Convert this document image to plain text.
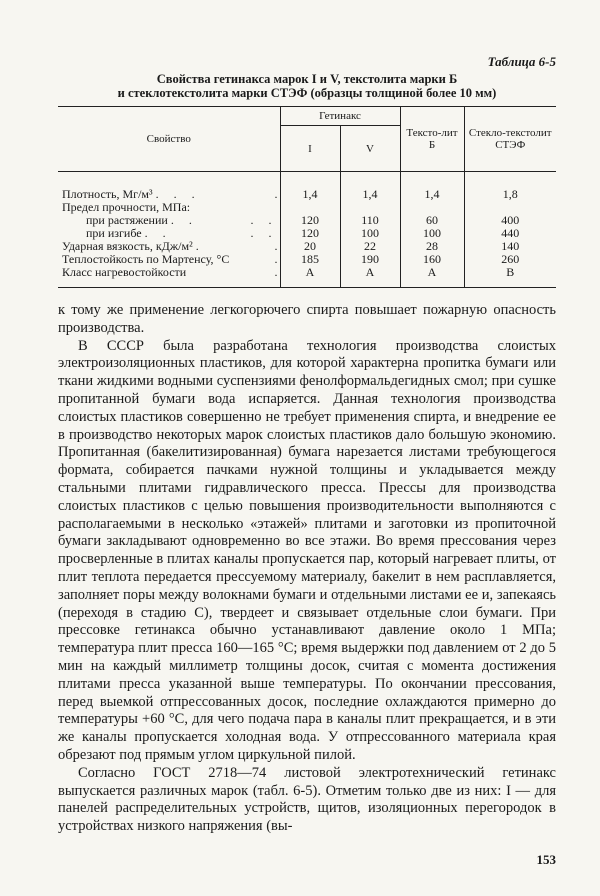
Таблица 6-5
Свойства гетинакса марок I и V, текстолита марки Б
и стеклотекстолита марки СТЭФ (образцы толщиной более 10 мм)
Свойство	Гетинакс		Тексто-лит Б	Стекло-текстолит СТЭФ
	I	V		
Плотность, Мг/м³ . . . .	1,4	1,4	1,4	1,8
Предел прочности, МПа:				
при растяжении . . . .	120	110	60	400
при изгибе . . . .	120	100	100	440
Ударная вязкость, кДж/м² . .	20	22	28	140
Теплостойкость по Мартенсу, °С .	185	190	160	260
Класс нагревостойкости .	А	А	А	В

к тому же применение легкогорючего спирта повышает пожарную опасность производства.

В СССР была разработана технология производства слоистых электроизоляционных пластиков, для которой характерна пропитка бумаги или ткани жидкими водными суспензиями фенолформальдегидных смол; при сушке пропитанной бумаги вода испаряется. Данная технология производства слоистых пластиков совершенно не требует применения спирта, и внедрение ее в производство некоторых марок слоистых пластиков дало большую экономию. Пропитанная (бакелитизированная) бумага нарезается листами требующегося формата, собирается пачками нужной толщины и укладывается между стальными плитами гидравлического пресса. Прессы для производства слоистых пластиков с целью повышения производительности выполняются с располагаемыми в несколько «этажей» плитами и заготовки из пропиточной бумаги закладывают одновременно во все этажи. Во время прессования через просверленные в плитах каналы пропускается пар, который нагревает плиты, от плит теплота передается прессуемому материалу, бакелит в нем расплавляется, заполняет поры между волокнами бумаги и отдельными листами ее и, запекаясь (переходя в стадию С), твердеет и связывает отдельные слои бумаги. При прессовке гетинакса обычно устанавливают давление около 1 МПа; температура плит пресса 160—165 °С; время выдержки под давлением от 2 до 5 мин на каждый миллиметр толщины досок, считая с момента достижения плитами пресса указанной выше температуры. По окончании прессования, перед выемкой отпрессованных досок, последние охлаждаются примерно до температуры +60 °С, для чего подача пара в каналы плит прекращается, и в эти же каналы пропускается холодная вода. У отпрессованного материала края обрезают под прямым углом циркульной пилой.

Согласно ГОСТ 2718—74 листовой электротехнический гетинакс выпускается различных марок (табл. 6-5). Отметим только две из них: I — для панелей распределительных устройств, щитов, изоляционных перегородок в устройствах низкого напряжения (вы-

153
